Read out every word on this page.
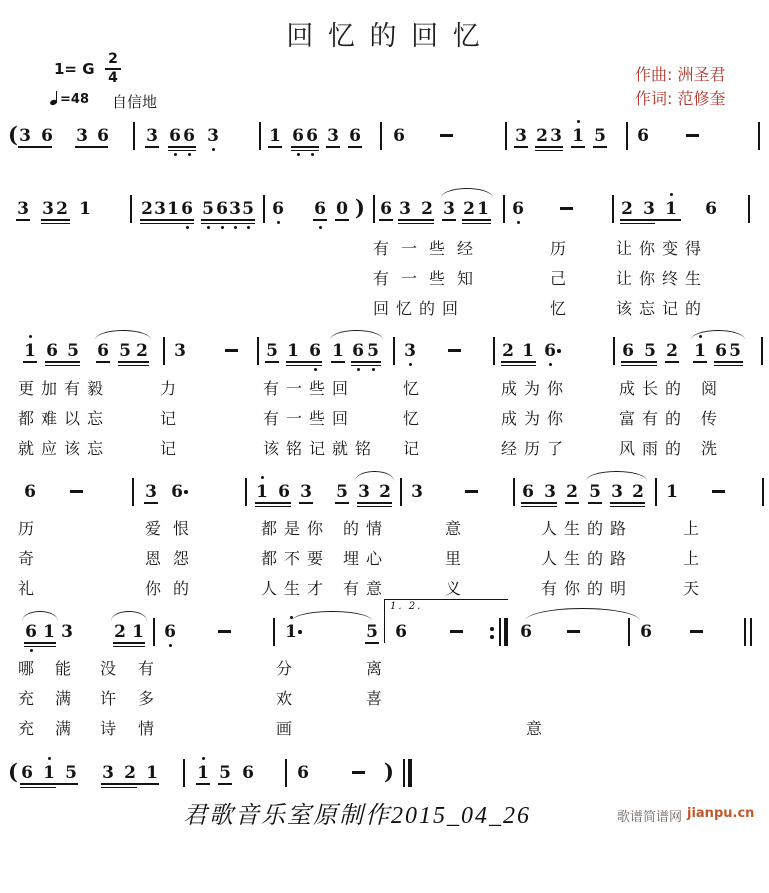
回 忆 的 回 忆
1= G
2
4
=48 自信地
作曲: 洲圣君
作词: 范修奎
( 3 6 3 6 3 6 6 3	1 6 6 3 6 6	3 2 3 1 5 6
3 3 2 1	2 3 1 6 5 6 3 5 6 6 0 ) 6 3 2 3 2 1 6	2 3 1 6
有一些经	历	让你变得
有一些知	己	让你终生
回忆的回	忆	该忘记的
1 6 5 6 5 2 3	5 1 6 1 6 5 3	2 1 6	6 5 2 1 6 5
更加有毅	力	有一些回	忆	成为你	成长的 阅
都难以忘	记	有一些回	忆	成为你	富有的 传
就应该忘	记	该铭记就铭 记	经历了	风雨的 洗
6	3 6	1 6 3 5 3 2 3	6 3 2 5 3 2 1
历	爱恨	都是你 的情	意	人生的路	上
奇	恩怨	都不要 埋心	里	人生的路	上
礼	你的	人生才 有意	义	有你的明	天
6 1 3 2 1 6	1	5
1. 2.
6	6	6
哪 能 没 有	分	离
充 满 许 多	欢	喜
充 满 诗 情	画	意
( 6 1 5 3 2 1 1 5 6	6	)
君歌音乐室原制作2015_04_26	歌谱简谱网 jianpu.cn
